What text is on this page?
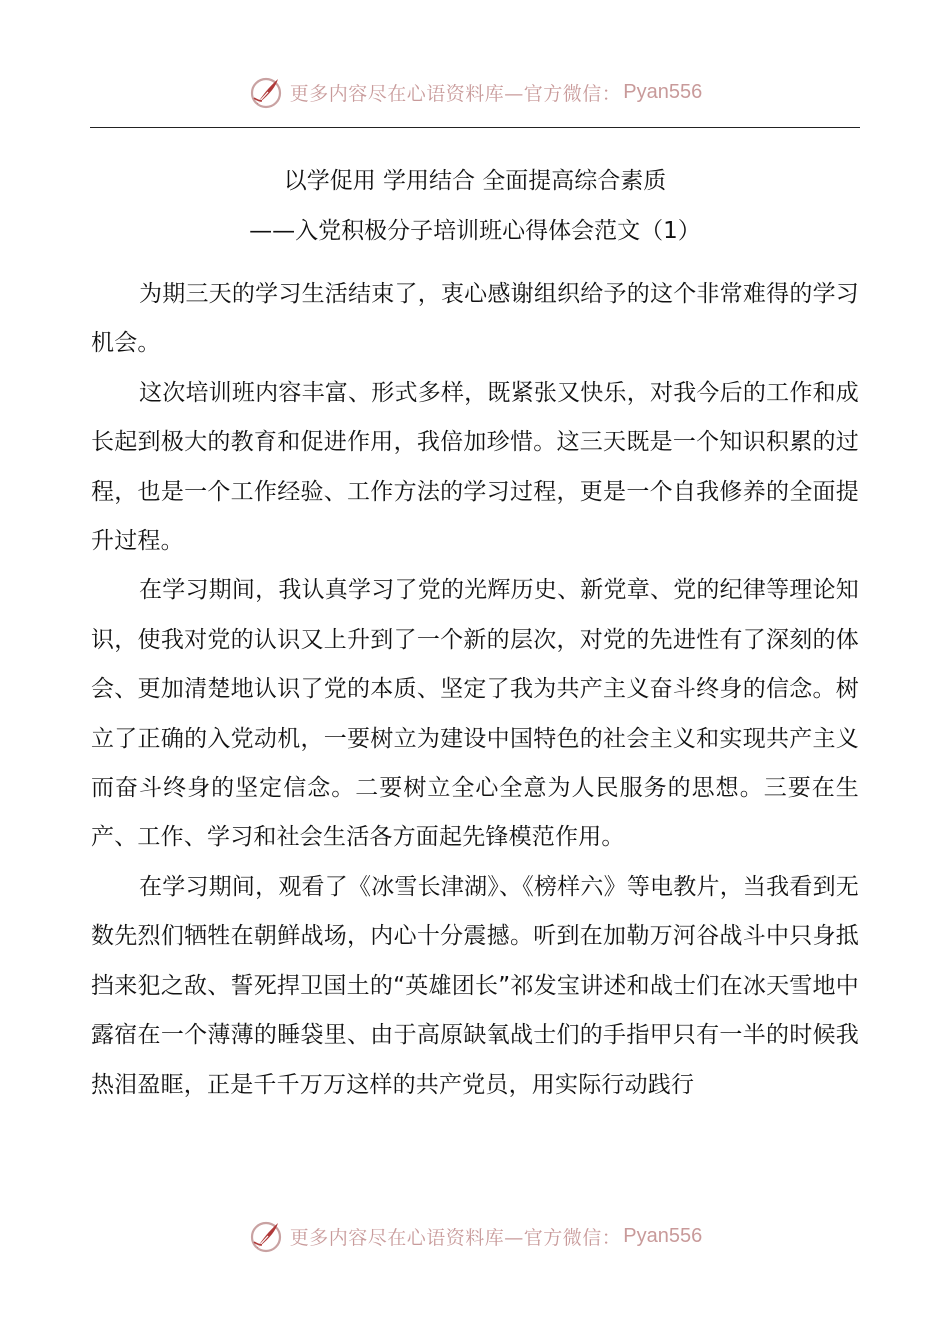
更多内容尽在心语资料库—官方微信： Pyan556
以学促用 学用结合 全面提高综合素质
——入党积极分子培训班心得体会范文（1）

为期三天的学习生活结束了，衷心感谢组织给予的这个非常难得的学习机会。

这次培训班内容丰富、形式多样，既紧张又快乐，对我今后的工作和成长起到极大的教育和促进作用，我倍加珍惜。这三天既是一个知识积累的过程，也是一个工作经验、工作方法的学习过程，更是一个自我修养的全面提升过程。

在学习期间，我认真学习了党的光辉历史、新党章、党的纪律等理论知识，使我对党的认识又上升到了一个新的层次，对党的先进性有了深刻的体会、更加清楚地认识了党的本质、坚定了我为共产主义奋斗终身的信念。树立了正确的入党动机，一要树立为建设中国特色的社会主义和实现共产主义而奋斗终身的坚定信念。二要树立全心全意为人民服务的思想。三要在生产、工作、学习和社会生活各方面起先锋模范作用。

在学习期间，观看了《冰雪长津湖》、《榜样六》等电教片，当我看到无数先烈们牺牲在朝鲜战场，内心十分震撼。听到在加勒万河谷战斗中只身抵挡来犯之敌、誓死捍卫国土的“英雄团长”祁发宝讲述和战士们在冰天雪地中露宿在一个薄薄的睡袋里、由于高原缺氧战士们的手指甲只有一半的时候我热泪盈眶，正是千千万万这样的共产党员，用实际行动践行

更多内容尽在心语资料库—官方微信： Pyan556
